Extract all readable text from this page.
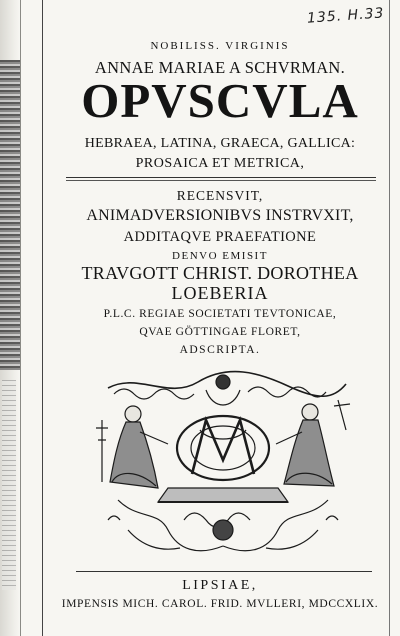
135. H.33
NOBILISS. VIRGINIS
ANNAE MARIAE A SCHVRMAN.
OPVSCVLA
HEBRAEA, LATINA, GRAECA, GALLICA:
PROSAICA ET METRICA,
RECENSVIT,
ANIMADVERSIONIBVS INSTRVXIT,
ADDITAQVE PRAEFATIONE
DENVO EMISIT
TRAVGOTT CHRIST. DOROTHEA
LOEBERIA
P.L.C. REGIAE SOCIETATI TEVTONICAE,
QVAE GÖTTINGAE FLORET,
ADSCRIPTA.
LIPSIAE,
IMPENSIS MICH. CAROL. FRID. MVLLERI, MDCCXLIX.
